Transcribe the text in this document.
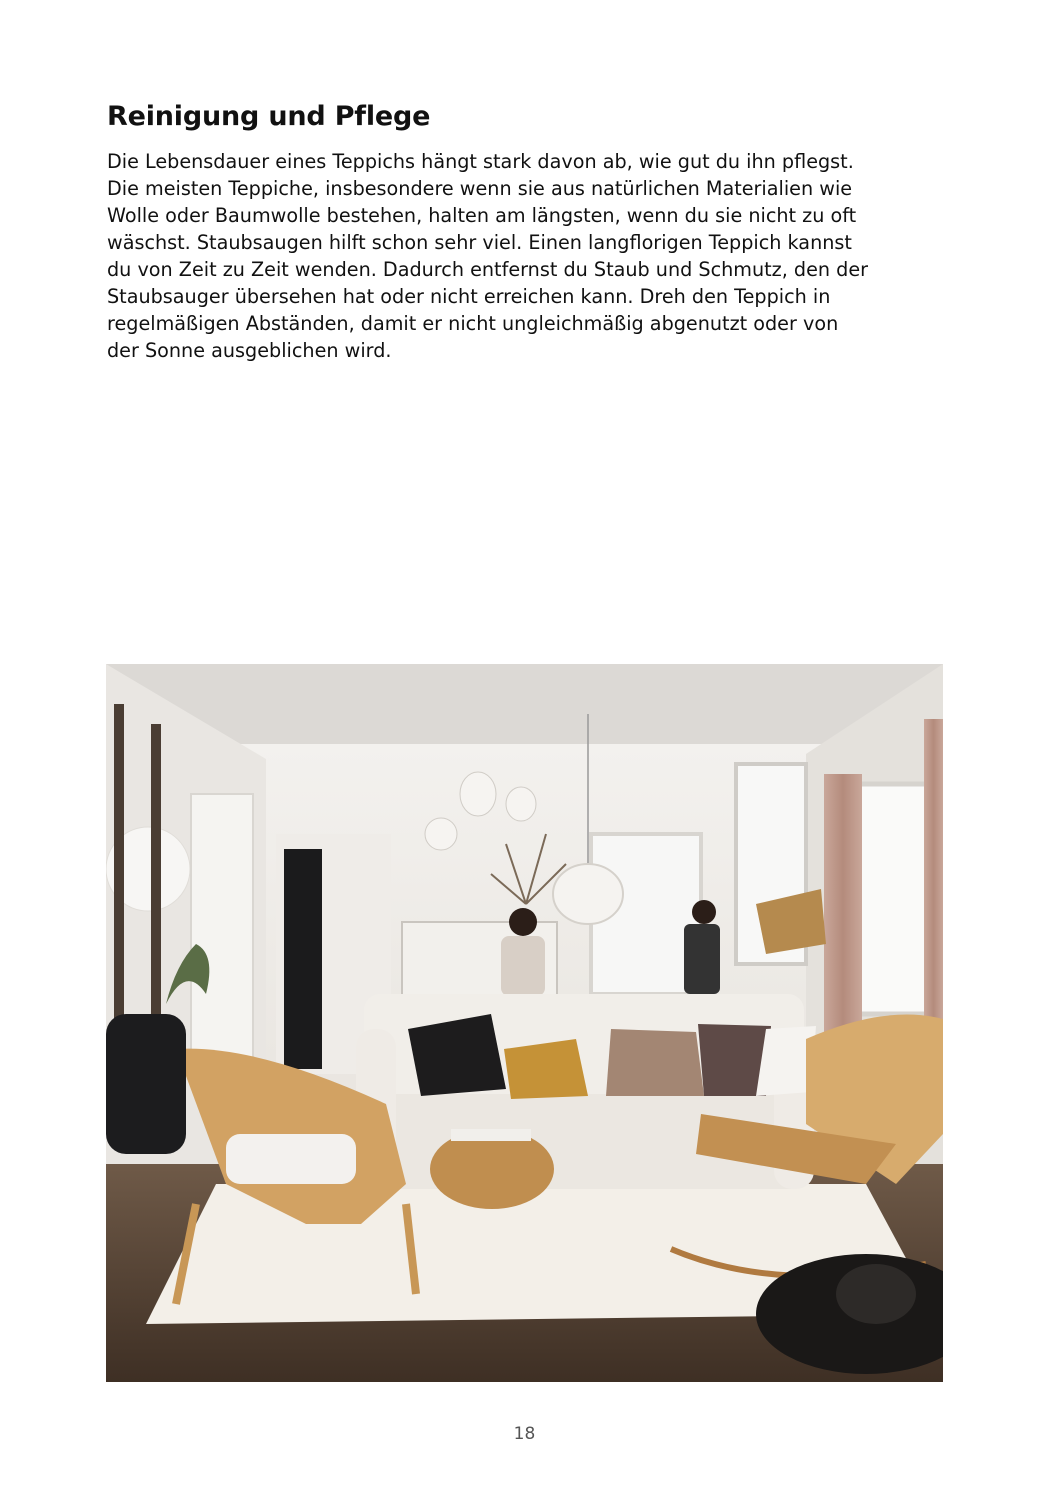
Reinigung und Pflege

Die Lebensdauer eines Teppichs hängt stark davon ab, wie gut du ihn pflegst.
Die meisten Teppiche, insbesondere wenn sie aus natürlichen Materialien wie
Wolle oder Baumwolle bestehen, halten am längsten, wenn du sie nicht zu oft
wäschst. Staubsaugen hilft schon sehr viel. Einen langflorigen Teppich kannst
du von Zeit zu Zeit wenden. Dadurch entfernst du Staub und Schmutz, den der
Staubsauger übersehen hat oder nicht erreichen kann. Dreh den Teppich in
regelmäßigen Abständen, damit er nicht ungleichmäßig abgenutzt oder von
der Sonne ausgeblichen wird.

18
